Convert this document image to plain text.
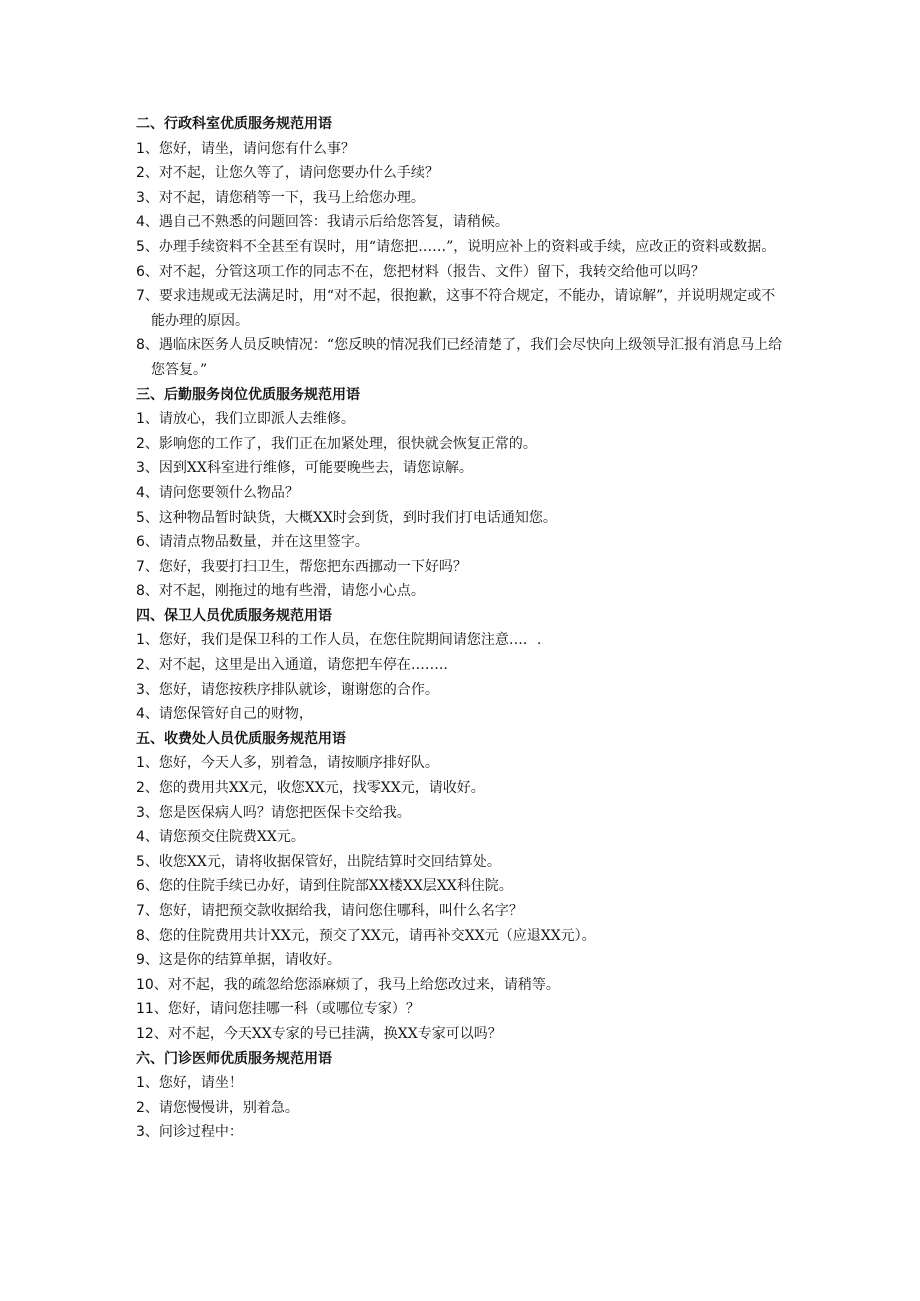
二、行政科室优质服务规范用语
1、您好，请坐，请问您有什么事？
2、对不起，让您久等了，请问您要办什么手续？
3、对不起，请您稍等一下，我马上给您办理。
4、遇自己不熟悉的问题回答：我请示后给您答复，请稍候。
5、办理手续资料不全甚至有误时，用“请您把……”，说明应补上的资料或手续，应改正的资料或数据。
6、对不起，分管这项工作的同志不在，您把材料（报告、文件）留下，我转交给他可以吗？
7、要求违规或无法满足时，用“对不起，很抱歉，这事不符合规定，不能办，请谅解”，并说明规定或不能办理的原因。
8、遇临床医务人员反映情况：“您反映的情况我们已经清楚了，我们会尽快向上级领导汇报有消息马上给您答复。”
三、后勤服务岗位优质服务规范用语
1、请放心，我们立即派人去维修。
2、影响您的工作了，我们正在加紧处理，很快就会恢复正常的。
3、因到XX科室进行维修，可能要晚些去，请您谅解。
4、请问您要领什么物品？
5、这种物品暂时缺货，大概XX时会到货，到时我们打电话通知您。
6、请清点物品数量，并在这里签字。
7、您好，我要打扫卫生，帮您把东西挪动一下好吗？
8、对不起，刚拖过的地有些滑，请您小心点。
四、保卫人员优质服务规范用语
1、您好，我们是保卫科的工作人员，在您住院期间请您注意…．.
2、对不起，这里是出入通道，请您把车停在……..
3、您好，请您按秩序排队就诊，谢谢您的合作。
4、请您保管好自己的财物，
五、收费处人员优质服务规范用语
1、您好，今天人多，别着急，请按顺序排好队。
2、您的费用共XX元，收您XX元，找零XX元，请收好。
3、您是医保病人吗？请您把医保卡交给我。
4、请您预交住院费XX元。
5、收您XX元，请将收据保管好，出院结算时交回结算处。
6、您的住院手续已办好，请到住院部XX楼XX层XX科住院。
7、您好，请把预交款收据给我，请问您住哪科，叫什么名字？
8、您的住院费用共计XX元，预交了XX元，请再补交XX元（应退XX元）。
9、这是你的结算单据，请收好。
10、对不起，我的疏忽给您添麻烦了，我马上给您改过来，请稍等。
11、您好，请问您挂哪一科（或哪位专家）？
12、对不起，今天XX专家的号已挂满，换XX专家可以吗？
六、门诊医师优质服务规范用语
1、您好，请坐！
2、请您慢慢讲，别着急。
3、问诊过程中：
